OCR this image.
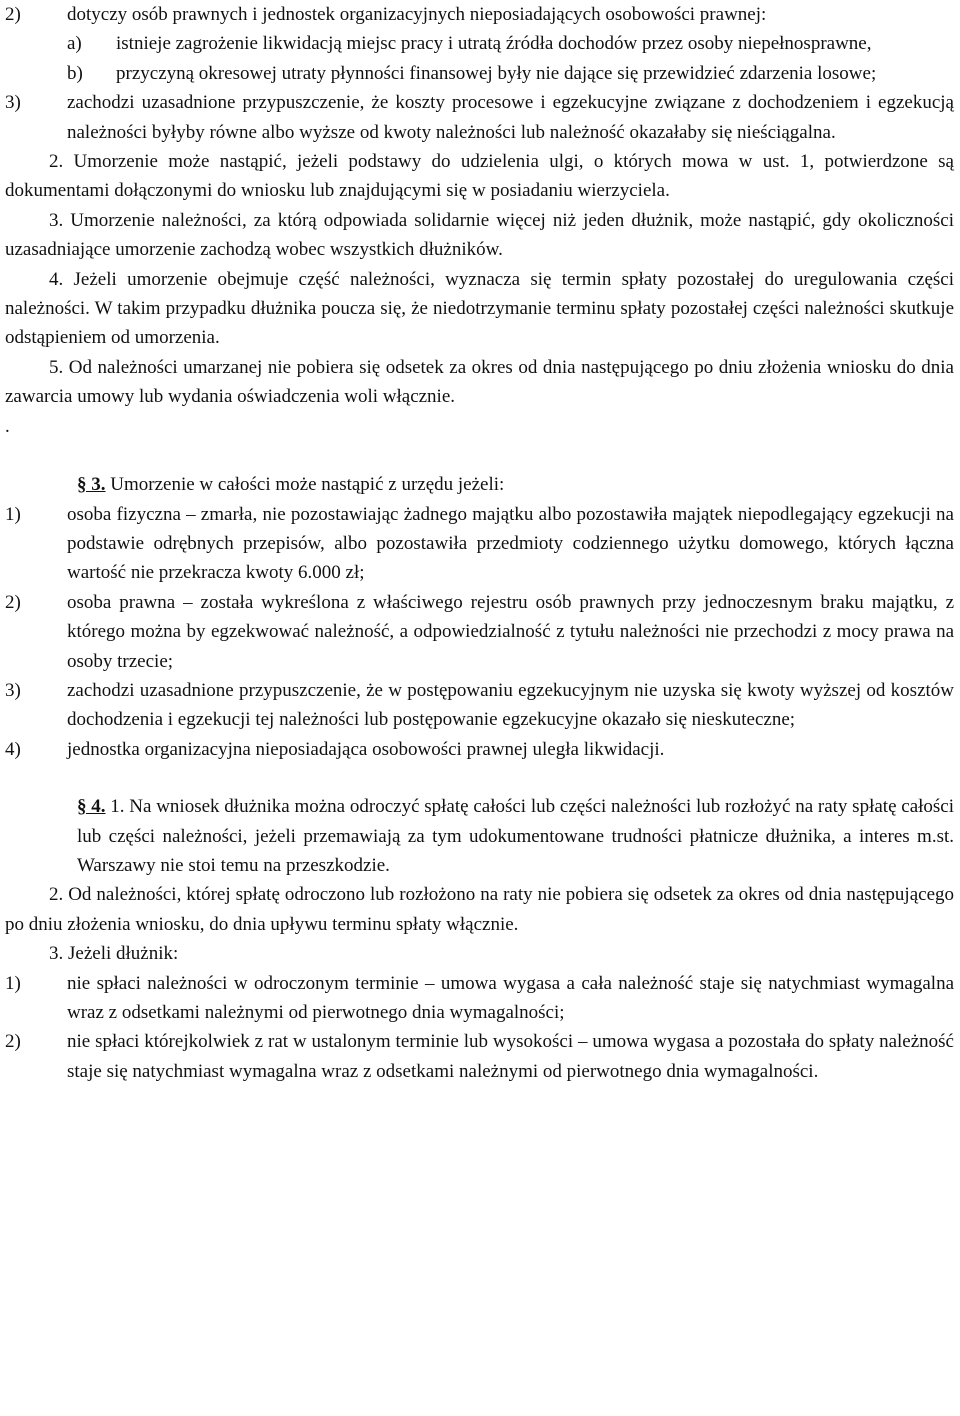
2)	dotyczy osób prawnych i jednostek organizacyjnych nieposiadających osobowości prawnej:
a)	istnieje zagrożenie likwidacją miejsc pracy i utratą źródła dochodów przez osoby niepełnosprawne,
b)	przyczyną okresowej utraty płynności finansowej były nie dające się przewidzieć zdarzenia losowe;
3)	zachodzi uzasadnione przypuszczenie, że koszty procesowe i egzekucyjne związane z dochodzeniem i egzekucją należności byłyby równe albo wyższe od kwoty należności lub należność okazałaby się nieściągalna.

2. Umorzenie może nastąpić, jeżeli podstawy do udzielenia ulgi, o których mowa w ust. 1, potwierdzone są dokumentami dołączonymi do wniosku lub znajdującymi się w posiadaniu wierzyciela.

3. Umorzenie należności, za którą odpowiada solidarnie więcej niż jeden dłużnik, może nastąpić, gdy okoliczności uzasadniające umorzenie zachodzą wobec wszystkich dłużników.

4. Jeżeli umorzenie obejmuje część należności, wyznacza się termin spłaty pozostałej do uregulowania części należności. W takim przypadku dłużnika poucza się, że niedotrzymanie terminu spłaty pozostałej części należności skutkuje odstąpieniem od umorzenia.

5. Od należności umarzanej nie pobiera się odsetek za okres od dnia następującego po dniu złożenia wniosku do dnia zawarcia umowy lub wydania oświadczenia woli włącznie.

.

§ 3. Umorzenie w całości może nastąpić z urzędu jeżeli:

1)	osoba fizyczna – zmarła, nie pozostawiając żadnego majątku albo pozostawiła majątek niepodlegający egzekucji na podstawie odrębnych przepisów, albo pozostawiła przedmioty codziennego użytku domowego, których łączna wartość nie przekracza kwoty 6.000 zł;
2)	osoba prawna – została wykreślona z właściwego rejestru osób prawnych przy jednoczesnym braku majątku, z którego można by egzekwować należność, a odpowiedzialność z tytułu należności nie przechodzi z mocy prawa na osoby trzecie;
3)	zachodzi uzasadnione przypuszczenie, że w postępowaniu egzekucyjnym nie uzyska się kwoty wyższej od kosztów dochodzenia i egzekucji tej należności lub postępowanie egzekucyjne okazało się nieskuteczne;
4)	jednostka organizacyjna nieposiadająca osobowości prawnej uległa likwidacji.

§ 4. 1. Na wniosek dłużnika można odroczyć spłatę całości lub części należności lub rozłożyć na raty spłatę całości lub części należności, jeżeli przemawiają za tym udokumentowane trudności płatnicze dłużnika, a interes m.st. Warszawy nie stoi temu na przeszkodzie.

2. Od należności, której spłatę odroczono lub rozłożono na raty nie pobiera się odsetek za okres od dnia następującego po dniu złożenia wniosku, do dnia upływu terminu spłaty włącznie.

3. Jeżeli dłużnik:

1)	nie spłaci należności w odroczonym terminie – umowa wygasa a cała należność staje się natychmiast wymagalna wraz z odsetkami należnymi od pierwotnego dnia wymagalności;
2)	nie spłaci którejkolwiek z rat w ustalonym terminie lub wysokości – umowa wygasa a pozostała do spłaty należność staje się natychmiast wymagalna wraz z odsetkami należnymi od pierwotnego dnia wymagalności.
